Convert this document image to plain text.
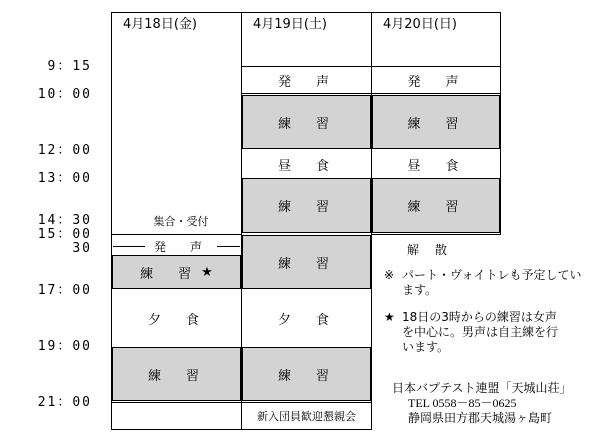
9：15
10：00
12：00
13：00
14：30
15：00
30
17：00
19：00
21：00
4月18日(金)	4月19日(土)	4月20日(日)
集合・受付
発　声
練　習 ★
夕　食
練　習
発　声
練　習
昼　食
練　習
練　習
夕　食
練　習
新入団員歓迎懇親会
発　声
練　習
昼　食
練　習
解　散
※ パート・ヴォイトレも予定してい
ます。
★ 18日の3時からの練習は女声
を中心に。男声は自主練を行
います。
日本バプテスト連盟「天城山荘」
TEL 0558－85－0625
静岡県田方郡天城湯ヶ島町
